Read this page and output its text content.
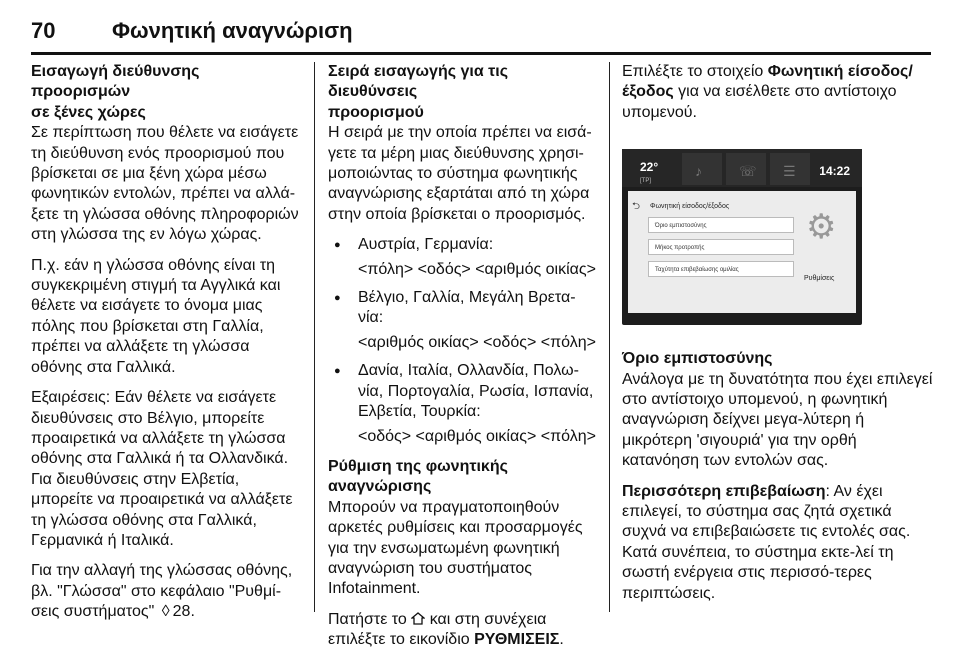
70	Φωνητική αναγνώριση
Εισαγωγή διεύθυνσης προορισμών
σε ξένες χώρες

Σε περίπτωση που θέλετε να εισάγετε τη διεύθυνση ενός προορισμού που βρίσκεται σε μια ξένη χώρα μέσω φωνητικών εντολών, πρέπει να αλλά-ξετε τη γλώσσα οθόνης πληροφοριών στη γλώσσα της εν λόγω χώρας.

Π.χ. εάν η γλώσσα οθόνης είναι τη συγκεκριμένη στιγμή τα Αγγλικά και θέλετε να εισάγετε το όνομα μιας πόλης που βρίσκεται στη Γαλλία, πρέπει να αλλάξετε τη γλώσσα οθόνης στα Γαλλικά.

Εξαιρέσεις: Εάν θέλετε να εισάγετε διευθύνσεις στο Βέλγιο, μπορείτε προαιρετικά να αλλάξετε τη γλώσσα οθόνης στα Γαλλικά ή τα Ολλανδικά. Για διευθύνσεις στην Ελβετία, μπορείτε να προαιρετικά να αλλάξετε τη γλώσσα οθόνης στα Γαλλικά, Γερμανικά ή Ιταλικά.

Για την αλλαγή της γλώσσας οθόνης, βλ. "Γλώσσα" στο κεφάλαιο "Ρυθμί-σεις συστήματος" ◊ 28.

Σειρά εισαγωγής για τις διευθύνσεις
προορισμού

Η σειρά με την οποία πρέπει να εισά-γετε τα μέρη μιας διεύθυνσης χρησι-μοποιώντας το σύστημα φωνητικής αναγνώρισης εξαρτάται από τη χώρα στην οποία βρίσκεται ο προορισμός.

● Αυστρία, Γερμανία:
<πόλη> <οδός> <αριθμός οικίας>
● Βέλγιο, Γαλλία, Μεγάλη Βρετα-νία:
<αριθμός οικίας> <οδός> <πόλη>
● Δανία, Ιταλία, Ολλανδία, Πολω-νία, Πορτογαλία, Ρωσία, Ισπανία, Ελβετία, Τουρκία:
<οδός> <αριθμός οικίας> <πόλη>
Ρύθμιση της φωνητικής αναγνώρισης

Μπορούν να πραγματοποιηθούν αρκετές ρυθμίσεις και προσαρμογές για την ενσωματωμένη φωνητική αναγνώριση του συστήματος Infotainment.

Πατήστε το και στη συνέχεια επιλέξτε το εικονίδιο ΡΥΘΜΙΣΕΙΣ.

Επιλέξτε το στοιχείο Φωνητική είσοδος/έξοδος για να εισέλθετε στο αντίστοιχο υπομενού.

22°
[TP]
♪	☏ ☰ 14:22
⮌ Φωνητική είσοδος/έξοδος
Όριο εμπιστοσύνης
Μήκος προτροπής
Ταχύτητα επιβεβαίωσης ομιλίας
⚙
Ρυθμίσεις
Όριο εμπιστοσύνης

Ανάλογα με τη δυνατότητα που έχει επιλεγεί στο αντίστοιχο υπομενού, η φωνητική αναγνώριση δείχνει μεγα-λύτερη ή μικρότερη 'σιγουριά' για την ορθή κατανόηση των εντολών σας.

Περισσότερη επιβεβαίωση: Αν έχει επιλεγεί, το σύστημα σας ζητά σχετικά συχνά να επιβεβαιώσετε τις εντολές σας. Κατά συνέπεια, το σύστημα εκτε-λεί τη σωστή ενέργεια στις περισσό-τερες περιπτώσεις.
